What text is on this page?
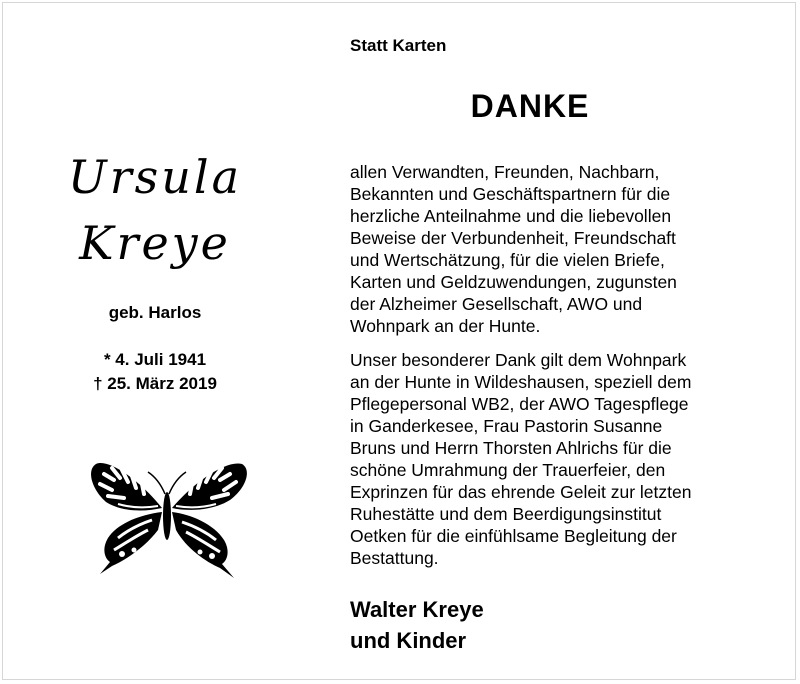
Statt Karten
DANKE
Ursula
Kreye
geb. Harlos
* 4. Juli 1941
† 25. März 2019
allen Verwandten, Freunden, Nachbarn,
Bekannten und Geschäftspartnern für die
herzliche Anteilnahme und die liebevollen
Beweise der Verbundenheit, Freundschaft
und Wertschätzung, für die vielen Briefe,
Karten und Geldzuwendungen, zugunsten
der Alzheimer Gesellschaft, AWO und
Wohnpark an der Hunte.
Unser besonderer Dank gilt dem Wohnpark
an der Hunte in Wildeshausen, speziell dem
Pflegepersonal WB2, der AWO Tagespflege
in Ganderkesee, Frau Pastorin Susanne
Bruns und Herrn Thorsten Ahlrichs für die
schöne Umrahmung der Trauerfeier, den
Exprinzen für das ehrende Geleit zur letzten
Ruhestätte und dem Beerdigungsinstitut
Oetken für die einfühlsame Begleitung der
Bestattung.
Walter Kreye
und Kinder
